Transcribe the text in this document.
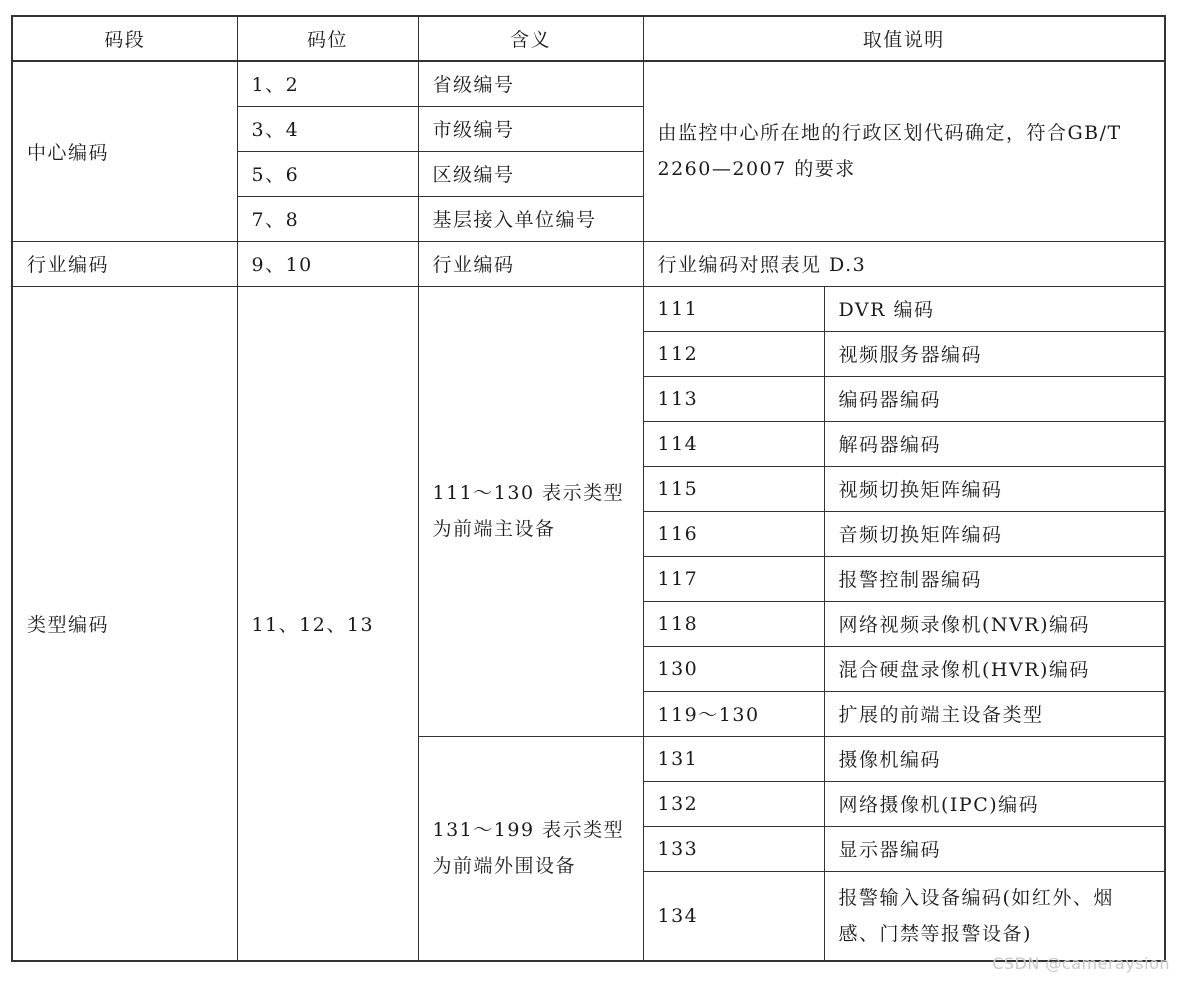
码段	码位	含义	取值说明	
中心编码	1、2	省级编号	由监控中心所在地的行政区划代码确定，符合GB/T 2260—2007 的要求	
	3、4	市级编号		
	5、6	区级编号		
	7、8	基层接入单位编号		
行业编码	9、10	行业编码	行业编码对照表见 D.3	
类型编码	11、12、13	111～130 表示类型为前端主设备	111	DVR 编码
			112	视频服务器编码
			113	编码器编码
			114	解码器编码
			115	视频切换矩阵编码
			116	音频切换矩阵编码
			117	报警控制器编码
			118	网络视频录像机(NVR)编码
			130	混合硬盘录像机(HVR)编码
			119～130	扩展的前端主设备类型
		131～199 表示类型为前端外围设备	131	摄像机编码
			132	网络摄像机(IPC)编码
			133	显示器编码
			134	报警输入设备编码(如红外、烟感、门禁等报警设备)
CSDN @cameraysion
